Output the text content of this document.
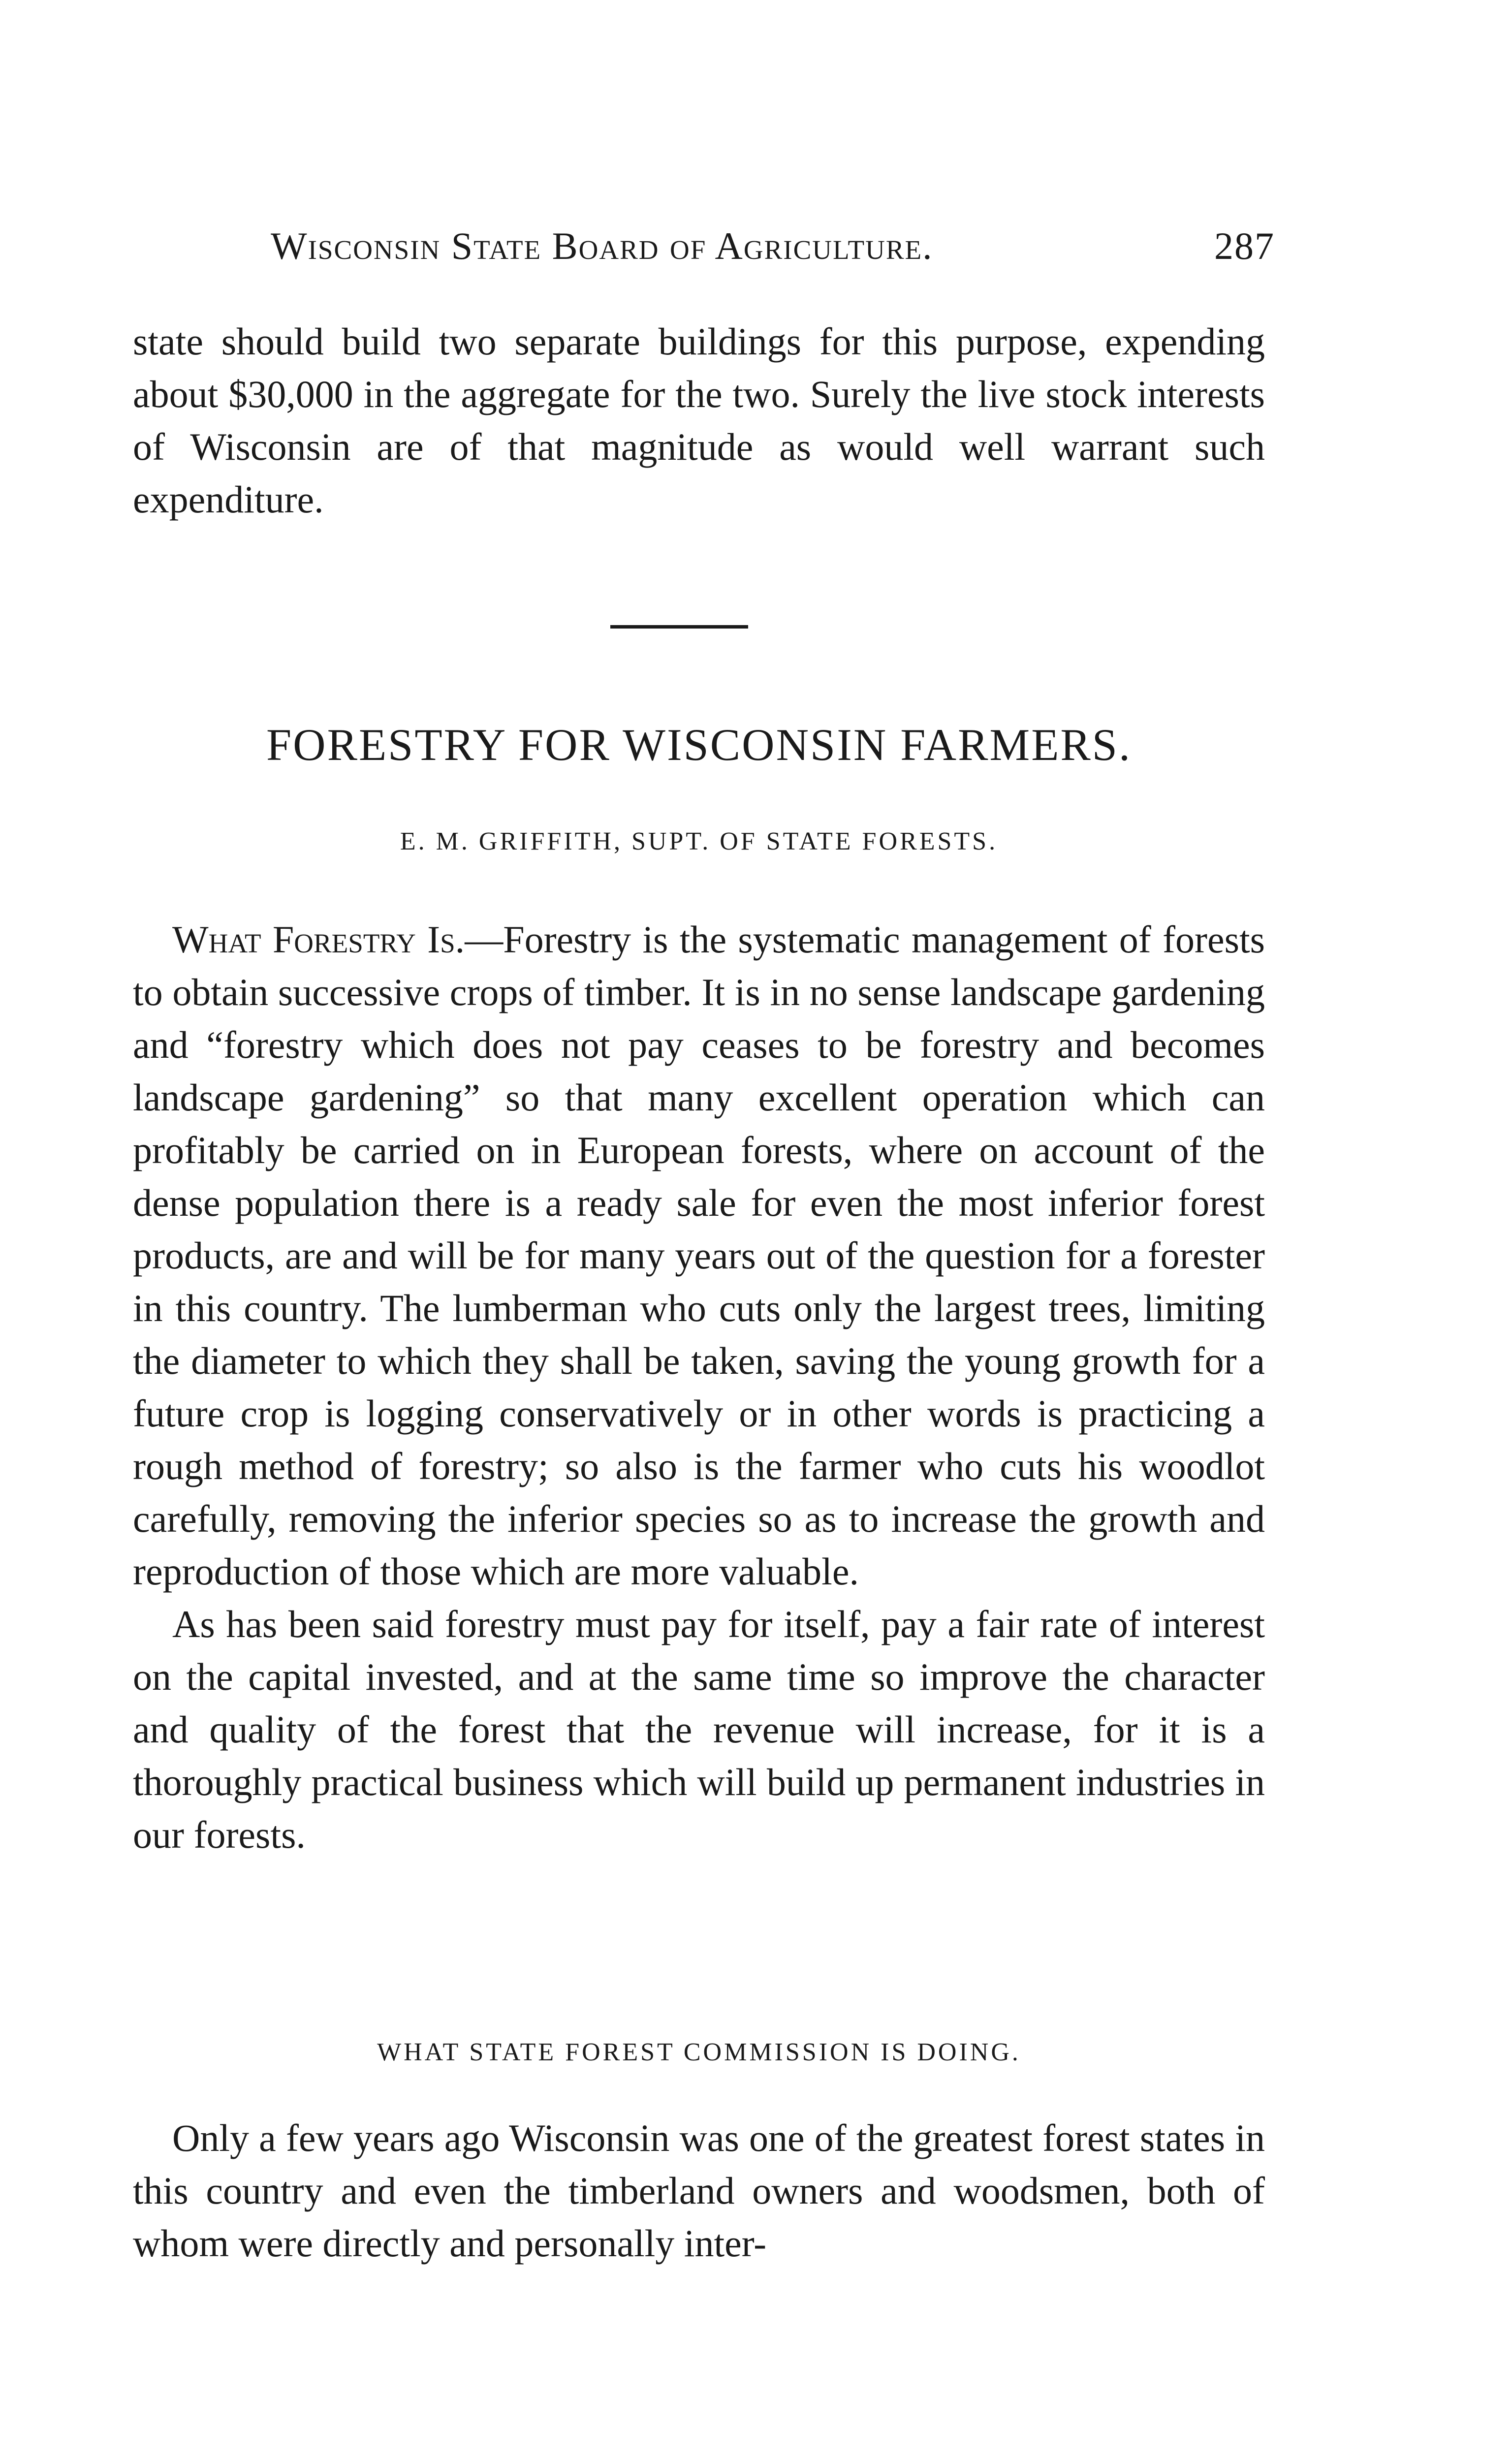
Wisconsin State Board of Agriculture.	287

state should build two separate buildings for this purpose, expending about $30,000 in the aggregate for the two. Surely the live stock interests of Wisconsin are of that magnitude as would well warrant such expenditure.

FORESTRY FOR WISCONSIN FARMERS.
E. M. GRIFFITH, SUPT. OF STATE FORESTS.

What Forestry Is.—Forestry is the systematic management of forests to obtain successive crops of timber. It is in no sense landscape gardening and “forestry which does not pay ceases to be forestry and becomes landscape gardening” so that many excellent operation which can profitably be carried on in European forests, where on account of the dense population there is a ready sale for even the most inferior forest products, are and will be for many years out of the question for a forester in this country. The lumberman who cuts only the largest trees, limiting the diameter to which they shall be taken, saving the young growth for a future crop is logging conservatively or in other words is practicing a rough method of forestry; so also is the farmer who cuts his woodlot carefully, removing the inferior species so as to increase the growth and reproduction of those which are more valuable.

As has been said forestry must pay for itself, pay a fair rate of interest on the capital invested, and at the same time so improve the character and quality of the forest that the revenue will increase, for it is a thoroughly practical business which will build up permanent industries in our forests.

WHAT STATE FOREST COMMISSION IS DOING.

Only a few years ago Wisconsin was one of the greatest forest states in this country and even the timberland owners and woodsmen, both of whom were directly and personally inter-
